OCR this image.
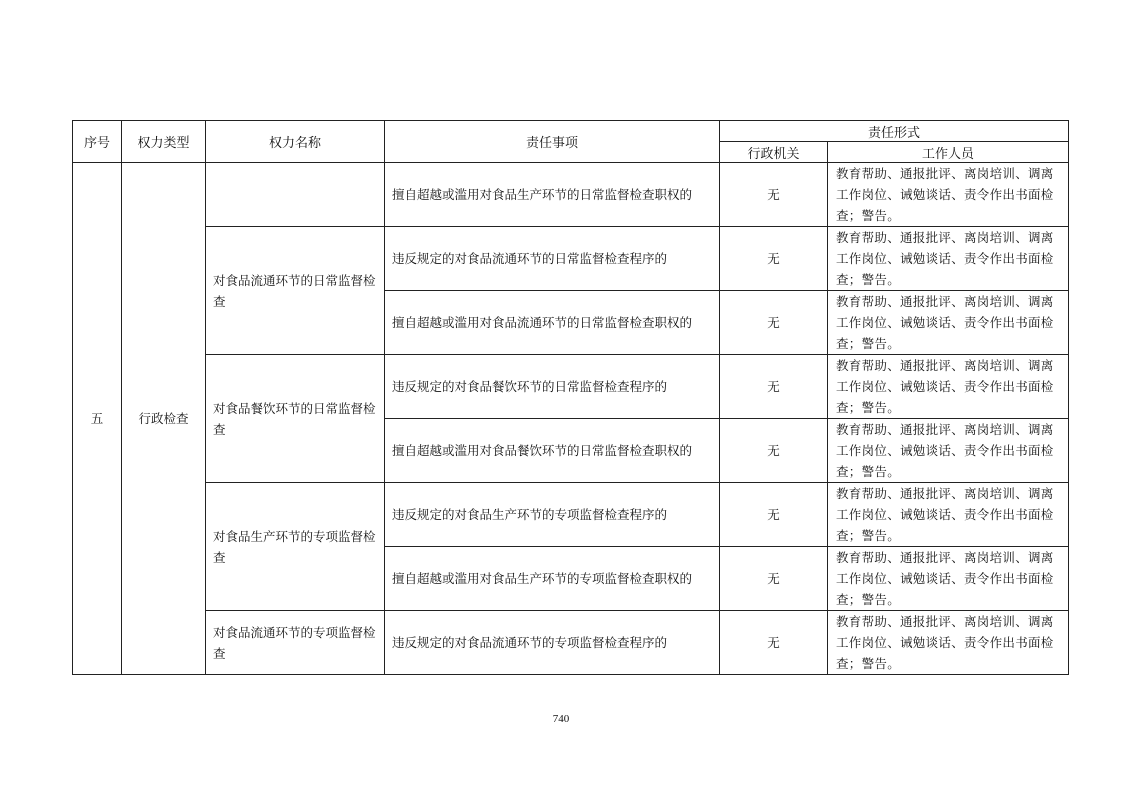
序号	权力类型	权力名称	责任事项	责任形式	
				行政机关	工作人员
五	行政检查		擅自超越或滥用对食品生产环节的日常监督检查职权的	无	教育帮助、通报批评、离岗培训、调离工作岗位、诫勉谈话、责令作出书面检查；警告。
		对食品流通环节的日常监督检查	违反规定的对食品流通环节的日常监督检查程序的	无	教育帮助、通报批评、离岗培训、调离工作岗位、诫勉谈话、责令作出书面检查；警告。
			擅自超越或滥用对食品流通环节的日常监督检查职权的	无	教育帮助、通报批评、离岗培训、调离工作岗位、诫勉谈话、责令作出书面检查；警告。
		对食品餐饮环节的日常监督检查	违反规定的对食品餐饮环节的日常监督检查程序的	无	教育帮助、通报批评、离岗培训、调离工作岗位、诫勉谈话、责令作出书面检查；警告。
			擅自超越或滥用对食品餐饮环节的日常监督检查职权的	无	教育帮助、通报批评、离岗培训、调离工作岗位、诫勉谈话、责令作出书面检查；警告。
		对食品生产环节的专项监督检查	违反规定的对食品生产环节的专项监督检查程序的	无	教育帮助、通报批评、离岗培训、调离工作岗位、诫勉谈话、责令作出书面检查；警告。
			擅自超越或滥用对食品生产环节的专项监督检查职权的	无	教育帮助、通报批评、离岗培训、调离工作岗位、诫勉谈话、责令作出书面检查；警告。
		对食品流通环节的专项监督检查	违反规定的对食品流通环节的专项监督检查程序的	无	教育帮助、通报批评、离岗培训、调离工作岗位、诫勉谈话、责令作出书面检查；警告。
740
